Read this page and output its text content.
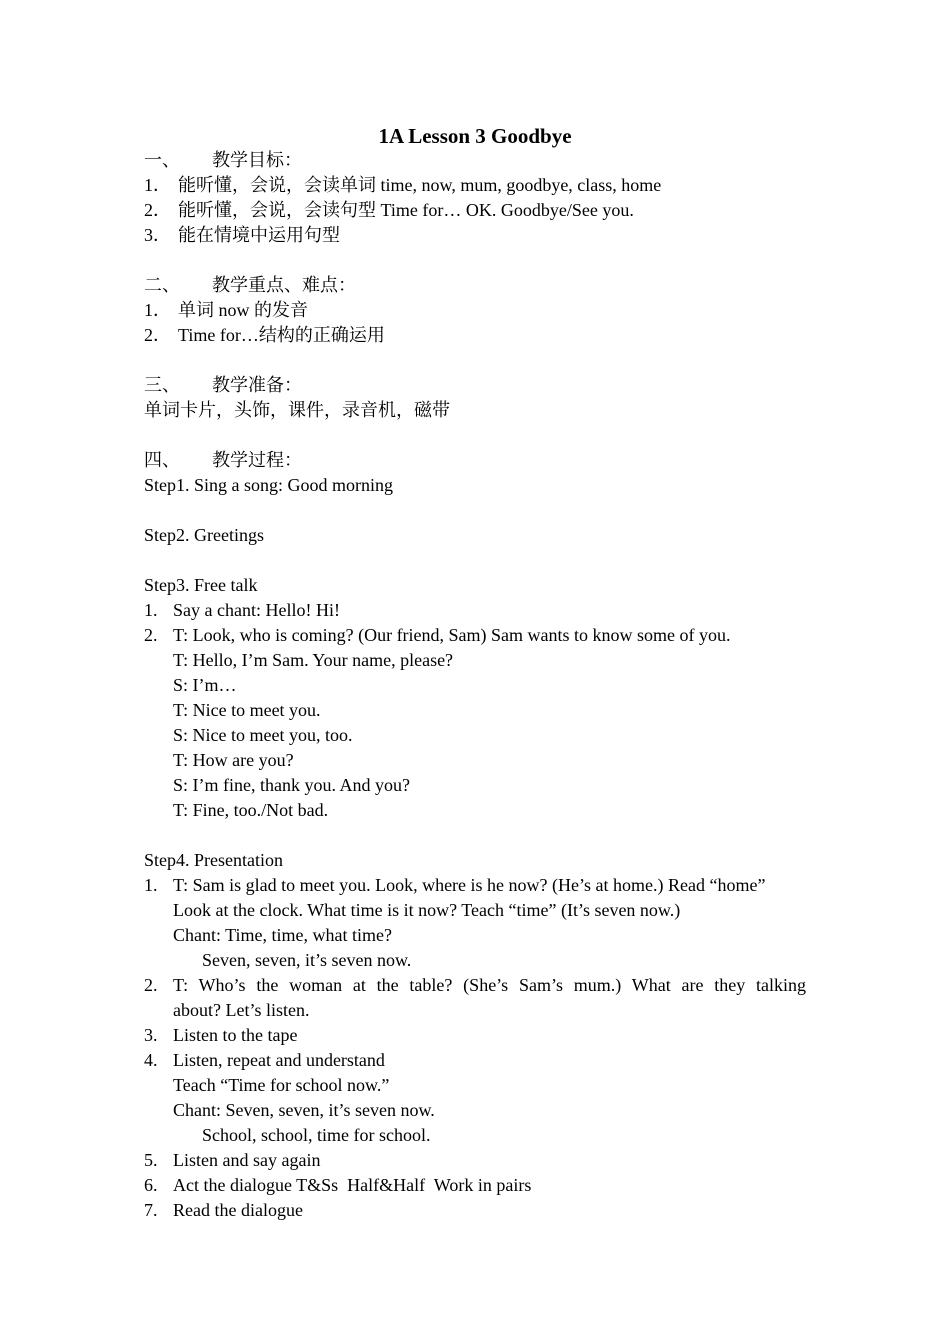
1A Lesson 3 Goodbye
一、	教学目标：
1． 能听懂，会说，会读单词 time, now, mum, goodbye, class, home
2． 能听懂，会说，会读句型 Time for… OK. Goodbye/See you.
3． 能在情境中运用句型
二、	教学重点、难点：
1． 单词 now 的发音
2． Time for…结构的正确运用
三、	教学准备：
单词卡片，头饰，课件，录音机，磁带
四、	教学过程：
Step1. Sing a song: Good morning
Step2. Greetings
Step3. Free talk
1. Say a chant: Hello! Hi!
2. T: Look, who is coming? (Our friend, Sam) Sam wants to know some of you.
T: Hello, I’m Sam. Your name, please?
S: I’m…
T: Nice to meet you.
S: Nice to meet you, too.
T: How are you?
S: I’m fine, thank you. And you?
T: Fine, too./Not bad.
Step4. Presentation
1. T: Sam is glad to meet you. Look, where is he now? (He’s at home.) Read “home”
Look at the clock. What time is it now? Teach “time” (It’s seven now.)
Chant: Time, time, what time?
Seven, seven, it’s seven now.
2. T: Who’s the woman at the table? (She’s Sam’s mum.) What are they talking
about? Let’s listen.
3. Listen to the tape
4. Listen, repeat and understand
Teach “Time for school now.”
Chant: Seven, seven, it’s seven now.
School, school, time for school.
5. Listen and say again
6. Act the dialogue T&Ss  Half&Half  Work in pairs
7. Read the dialogue
